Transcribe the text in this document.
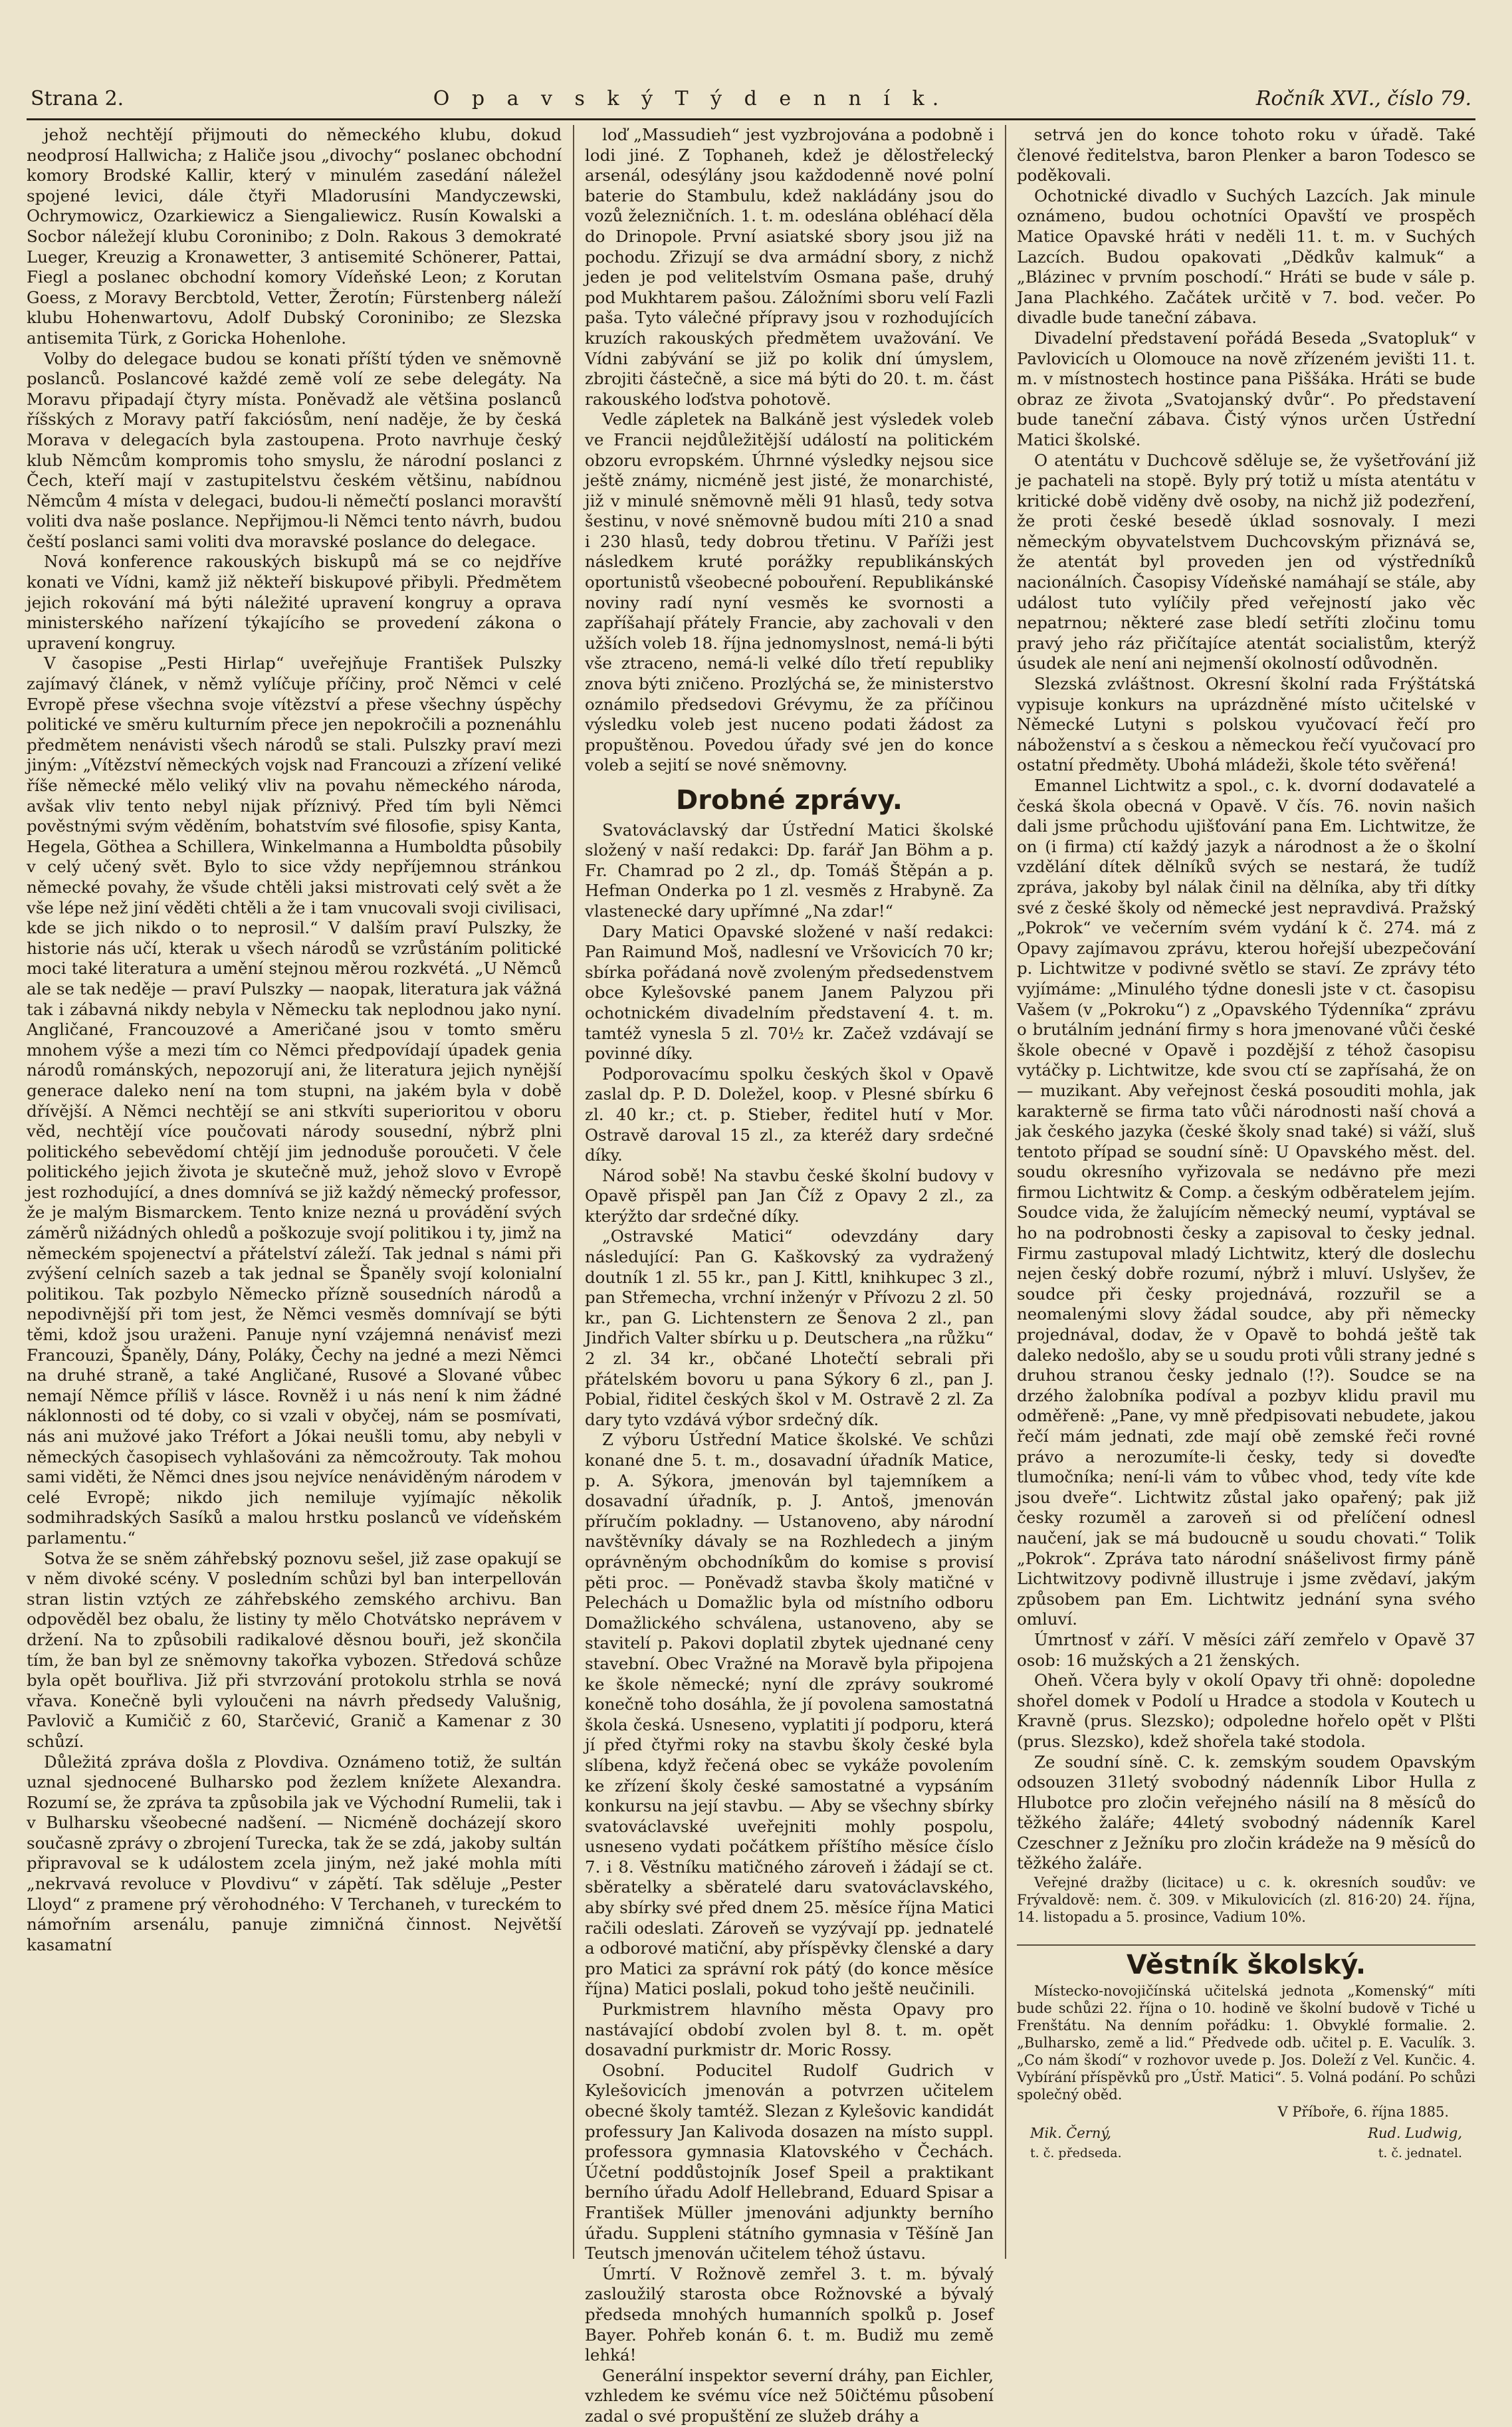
Strana 2.	O p a v s k ý T ý d e n n í k.	Ročník XVI., číslo 79.

jehož nechtějí přijmouti do německého klubu, dokud neodprosí Hallwicha; z Haliče jsou „divochy“ poslanec obchodní komory Brodské Kallir, který v minulém zasedání náležel spojené levici, dále čtyři Mladorusíni Mandyczewski, Ochrymowicz, Ozarkiewicz a Siengaliewicz. Rusín Kowalski a Socbor náležejí klubu Coroninibo; z Doln. Rakous 3 demokraté Lueger, Kreuzig a Kronawetter, 3 antisemité Schönerer, Pattai, Fiegl a poslanec obchodní komory Vídeňské Leon; z Korutan Goess, z Moravy Bercbtold, Vetter, Žerotín; Fürstenberg náleží klubu Hohenwartovu, Adolf Dubský Coroninibo; ze Slezska antisemita Türk, z Goricka Hohenlohe.

Volby do delegace budou se konati příští týden ve sněmovně poslanců. Poslancové každé země volí ze sebe delegáty. Na Moravu připadají čtyry místa. Poněvadž ale většina poslanců říšských z Moravy patří fakciósům, není naděje, že by česká Morava v delegacích byla zastoupena. Proto navrhuje český klub Němcům kompromis toho smyslu, že národní poslanci z Čech, kteří mají v zastupitelstvu českém většinu, nabídnou Němcům 4 místa v delegaci, budou-li němečtí poslanci moravští voliti dva naše poslance. Nepřijmou-li Němci tento návrh, budou čeští poslanci sami voliti dva moravské poslance do delegace.

Nová konference rakouských biskupů má se co nejdříve konati ve Vídni, kamž již někteří biskupové přibyli. Předmětem jejich rokování má býti náležité upravení kongruy a oprava ministerského nařízení týkajícího se provedení zákona o upravení kongruy.

V časopise „Pesti Hirlap“ uveřejňuje František Pulszky zajímavý článek, v němž vylíčuje příčiny, proč Němci v celé Evropě přese všechna svoje vítězství a přese všechny úspěchy politické ve směru kulturním přece jen nepokročili a poznenáhlu předmětem nenávisti všech národů se stali. Pulszky praví mezi jiným: „Vítězství německých vojsk nad Francouzi a zřízení veliké říše německé mělo veliký vliv na povahu německého národa, avšak vliv tento nebyl nijak příznivý. Před tím byli Němci pověstnými svým věděním, bohatstvím své filosofie, spisy Kanta, Hegela, Göthea a Schillera, Winkelmanna a Humboldta působily v celý učený svět. Bylo to sice vždy nepříjemnou stránkou německé povahy, že všude chtěli jaksi mistrovati celý svět a že vše lépe než jiní věděti chtěli a že i tam vnucovali svoji civilisaci, kde se jich nikdo o to neprosil.“ V dalším praví Pulszky, že historie nás učí, kterak u všech národů se vzrůstáním politické moci také literatura a umění stejnou měrou rozkvétá. „U Němců ale se tak neděje — praví Pulszky — naopak, literatura jak vážná tak i zábavná nikdy nebyla v Německu tak neplodnou jako nyní. Angličané, Francouzové a Američané jsou v tomto směru mnohem výše a mezi tím co Němci předpovídají úpadek genia národů románských, nepozorují ani, že literatura jejich nynější generace daleko není na tom stupni, na jakém byla v době dřívější. A Němci nechtějí se ani stkvíti superioritou v oboru věd, nechtějí více poučovati národy sousední, nýbrž plni politického sebevědomí chtějí jim jednoduše poroučeti. V čele politického jejich života je skutečně muž, jehož slovo v Evropě jest rozhodující, a dnes domnívá se již každý německý professor, že je malým Bismarckem. Tento knize nezná u provádění svých záměrů nižádných ohledů a poškozuje svojí politikou i ty, jimž na německém spojenectví a přátelství záleží. Tak jednal s námi při zvýšení celních sazeb a tak jednal se Španěly svojí kolonialní politikou. Tak pozbylo Německo přízně sousedních národů a nepodivnější při tom jest, že Němci vesměs domnívají se býti těmi, kdož jsou uraženi. Panuje nyní vzájemná nenávisť mezi Francouzi, Španěly, Dány, Poláky, Čechy na jedné a mezi Němci na druhé straně, a také Angličané, Rusové a Slované vůbec nemají Němce příliš v lásce. Rovněž i u nás není k nim žádné náklonnosti od té doby, co si vzali v obyčej, nám se posmívati, nás ani mužové jako Tréfort a Jókai neušli tomu, aby nebyli v německých časopisech vyhlašováni za němcožrouty. Tak mohou sami viděti, že Němci dnes jsou nejvíce nenáviděným národem v celé Evropě; nikdo jich nemiluje vyjímajíc několik sodmihradských Sasíků a malou hrstku poslanců ve vídeňském parlamentu.“

Sotva že se sněm záhřebský poznovu sešel, již zase opakují se v něm divoké scény. V posledním schůzi byl ban interpellován stran listin vztých ze záhřebského zemského archivu. Ban odpověděl bez obalu, že listiny ty mělo Chotvátsko neprávem v držení. Na to způsobili radikalové děsnou bouři, jež skončila tím, že ban byl ze sněmovny takořka vybozen. Středová schůze byla opět bouřliva. Již při stvrzování protokolu strhla se nová vřava. Konečně byli vyloučeni na návrh předsedy Valušnig, Pavlovič a Kumičič z 60, Starčević, Granič a Kamenar z 30 schůzí.

Důležitá zpráva došla z Plovdiva. Oznámeno totiž, že sultán uznal sjednocené Bulharsko pod žezlem knížete Alexandra. Rozumí se, že zpráva ta způsobila jak ve Východní Rumelii, tak i v Bulharsku všeobecné nadšení. — Nicméně docházejí skoro současně zprávy o zbrojení Turecka, tak že se zdá, jakoby sultán připravoval se k událostem zcela jiným, než jaké mohla míti „nekrvavá revoluce v Plovdivu“ v zápětí. Tak sděluje „Pester Lloyd“ z pramene prý věrohodného: V Terchaneh, v tureckém to námořním arsenálu, panuje zimničná činnost. Největší kasamatní

loď „Massudieh“ jest vyzbrojována a podobně i lodi jiné. Z Tophaneh, kdež je dělostřelecký arsenál, odesýlány jsou každodenně nové polní baterie do Stambulu, kdež nakládány jsou do vozů železničních. 1. t. m. odeslána obléhací děla do Drinopole. První asiatské sbory jsou již na pochodu. Zřizují se dva armádní sbory, z nichž jeden je pod velitelstvím Osmana paše, druhý pod Mukhtarem pašou. Záložními sboru velí Fazli paša. Tyto válečné přípravy jsou v rozhodujících kruzích rakouských předmětem uvažování. Ve Vídni zabývání se již po kolik dní úmyslem, zbrojiti částečně, a sice má býti do 20. t. m. část rakouského loďstva pohotově.

Vedle zápletek na Balkáně jest výsledek voleb ve Francii nejdůležitější událostí na politickém obzoru evropském. Úhrnné výsledky nejsou sice ještě známy, nicméně jest jisté, že monarchisté, již v minulé sněmovně měli 91 hlasů, tedy sotva šestinu, v nové sněmovně budou míti 210 a snad i 230 hlasů, tedy dobrou třetinu. V Paříži jest následkem kruté porážky republikánských oportunistů všeobecné pobouření. Republikánské noviny radí nyní vesměs ke svornosti a zapříšahají přátely Francie, aby zachovali v den užších voleb 18. října jednomyslnost, nemá-li býti vše ztraceno, nemá-li velké dílo třetí republiky znova býti zničeno. Prozlýchá se, že ministerstvo oznámilo předsedovi Grévymu, že za příčinou výsledku voleb jest nuceno podati žádost za propuštěnou. Povedou úřady své jen do konce voleb a sejití se nové sněmovny.

Drobné zprávy.

Svatováclavský dar Ústřední Matici školské složený v naší redakci: Dp. farář Jan Böhm a p. Fr. Chamrad po 2 zl., dp. Tomáš Štěpán a p. Hefman Onderka po 1 zl. vesměs z Hrabyně. Za vlastenecké dary upřímné „Na zdar!“

Dary Matici Opavské složené v naší redakci: Pan Raimund Moš, nadlesní ve Vršovicích 70 kr; sbírka pořádaná nově zvoleným předsedenstvem obce Kylešovské panem Janem Palyzou při ochotnickém divadelním představení 4. t. m. tamtéž vynesla 5 zl. 70½ kr. Začež vzdávají se povinné díky.

Podporovacímu spolku českých škol v Opavě zaslal dp. P. D. Doležel, koop. v Plesné sbírku 6 zl. 40 kr.; ct. p. Stieber, ředitel hutí v Mor. Ostravě daroval 15 zl., za kteréž dary srdečné díky.

Národ sobě! Na stavbu české školní budovy v Opavě přispěl pan Jan Číž z Opavy 2 zl., za kterýžto dar srdečné díky.

„Ostravské Matici“ odevzdány dary následující: Pan G. Kaškovský za vydražený doutník 1 zl. 55 kr., pan J. Kittl, knihkupec 3 zl., pan Střemecha, vrchní inženýr v Přívozu 2 zl. 50 kr., pan G. Lichtenstern ze Šenova 2 zl., pan Jindřich Valter sbírku u p. Deutschera „na růžku“ 2 zl. 34 kr., občané Lhotečtí sebrali při přátelském bovoru u pana Sýkory 6 zl., pan J. Pobial, řiditel českých škol v M. Ostravě 2 zl. Za dary tyto vzdává výbor srdečný dík.

Z výboru Ústřední Matice školské. Ve schůzi konané dne 5. t. m., dosavadní úřadník Matice, p. A. Sýkora, jmenován byl tajemníkem a dosavadní úřadník, p. J. Antoš, jmenován příručím pokladny. — Ustanoveno, aby národní navštěvníky dávaly se na Rozhledech a jiným oprávněným obchodníkům do komise s provisí pěti proc. — Poněvadž stavba školy matičné v Pelechách u Domažlic byla od místního odboru Domažlického schválena, ustanoveno, aby se stavitelí p. Pakovi doplatil zbytek ujednané ceny stavební. Obec Vražné na Moravě byla připojena ke škole německé; nyní dle zprávy soukromé konečně toho dosáhla, že jí povolena samostatná škola česká. Usneseno, vyplatiti jí podporu, která jí před čtyřmi roky na stavbu školy české byla slíbena, když řečená obec se vykáže povolením ke zřízení školy české samostatné a vypsáním konkursu na její stavbu. — Aby se všechny sbírky svatováclavské uveřejniti mohly pospolu, usneseno vydati počátkem příštího měsíce číslo 7. i 8. Věstníku matičného zároveň i žádají se ct. sběratelky a sběratelé daru svatováclavského, aby sbírky své před dnem 25. měsíce října Matici račili odeslati. Zároveň se vyzývají pp. jednatelé a odborové matiční, aby příspěvky členské a dary pro Matici za správní rok pátý (do konce měsíce října) Matici poslali, pokud toho ještě neučinili.

Purkmistrem hlavního města Opavy pro nastávající období zvolen byl 8. t. m. opět dosavadní purkmistr dr. Moric Rossy.

Osobní. Poducitel Rudolf Gudrich v Kylešovicích jmenován a potvrzen učitelem obecné školy tamtéž. Slezan z Kylešovic kandidát professury Jan Kalivoda dosazen na místo suppl. professora gymnasia Klatovského v Čechách. Účetní poddůstojník Josef Speil a praktikant berního úřadu Adolf Hellebrand, Eduard Spisar a František Müller jmenováni adjunkty berního úřadu. Suppleni státního gymnasia v Těšíně Jan Teutsch jmenován učitelem téhož ústavu.

Úmrtí. V Rožnově zemřel 3. t. m. bývalý zasloužilý starosta obce Rožnovské a bývalý předseda mnohých humanních spolků p. Josef Bayer. Pohřeb konán 6. t. m. Budiž mu země lehká!

Generální inspektor severní dráhy, pan Eichler, vzhledem ke svému více než 50ičtému působení zadal o své propuštění ze služeb dráhy a

setrvá jen do konce tohoto roku v úřadě. Také členové ředitelstva, baron Plenker a baron Todesco se poděkovali.

Ochotnické divadlo v Suchých Lazcích. Jak minule oznámeno, budou ochotníci Opavští ve prospěch Matice Opavské hráti v neděli 11. t. m. v Suchých Lazcích. Budou opakovati „Dědkův kalmuk“ a „Blázinec v prvním poschodí.“ Hráti se bude v sále p. Jana Plachkého. Začátek určitě v 7. bod. večer. Po divadle bude taneční zábava.

Divadelní představení pořádá Beseda „Svatopluk“ v Pavlovicích u Olomouce na nově zřízeném jevišti 11. t. m. v místnostech hostince pana Piššáka. Hráti se bude obraz ze života „Svatojanský dvůr“. Po představení bude taneční zábava. Čistý výnos určen Ústřední Matici školské.

O atentátu v Duchcově sděluje se, že vyšetřování již je pachateli na stopě. Byly prý totiž u místa atentátu v kritické době viděny dvě osoby, na nichž již podezření, že proti české besedě úklad sosnovaly. I mezi německým obyvatelstvem Duchcovským přiznává se, že atentát byl proveden jen od výstředníků nacionálních. Časopisy Vídeňské namáhají se stále, aby událost tuto vylíčily před veřejností jako věc nepatrnou; některé zase bledí setříti zločinu tomu pravý jeho ráz přičítajíce atentát socialistům, kterýž úsudek ale není ani nejmenší okolností odůvodněn.

Slezská zvláštnost. Okresní školní rada Frýštátská vypisuje konkurs na uprázdněné místo učitelské v Německé Lutyni s polskou vyučovací řečí pro náboženství a s českou a německou řečí vyučovací pro ostatní předměty. Ubohá mládeži, škole této svěřená!

Emannel Lichtwitz a spol., c. k. dvorní dodavatelé a česká škola obecná v Opavě. V čís. 76. novin našich dali jsme průchodu ujišťování pana Em. Lichtwitze, že on (i firma) ctí každý jazyk a národnost a že o školní vzdělání dítek dělníků svých se nestará, že tudíž zpráva, jakoby byl nálak činil na dělníka, aby tři dítky své z české školy od německé jest nepravdivá. Pražský „Pokrok“ ve večerním svém vydání k č. 274. má z Opavy zajímavou zprávu, kterou hořejší ubezpečování p. Lichtwitze v podivné světlo se staví. Ze zprávy této vyjímáme: „Minulého týdne donesli jste v ct. časopisu Vašem (v „Pokroku“) z „Opavského Týdenníka“ zprávu o brutálním jednání firmy s hora jmenované vůči české škole obecné v Opavě i pozdější z téhož časopisu vytáčky p. Lichtwitze, kde svou ctí se zapřísahá, že on — muzikant. Aby veřejnost česká posouditi mohla, jak karakterně se firma tato vůči národnosti naší chová a jak českého jazyka (české školy snad také) si váží, sluš tentoto případ se soudní síně: U Opavského měst. del. soudu okresního vyřizovala se nedávno pře mezi firmou Lichtwitz & Comp. a českým odběratelem jejím. Soudce vida, že žalujícím německý neumí, vyptával se ho na podrobnosti česky a zapisoval to česky jednal. Firmu zastupoval mladý Lichtwitz, který dle doslechu nejen český dobře rozumí, nýbrž i mluví. Uslyšev, že soudce při česky projednává, rozzuřil se a neomalenými slovy žádal soudce, aby při německy projednával, dodav, že v Opavě to bohdá ještě tak daleko nedošlo, aby se u soudu proti vůli strany jedné s druhou stranou česky jednalo (!?). Soudce se na drzého žalobníka podíval a pozbyv klidu pravil mu odměřeně: „Pane, vy mně předpisovati nebudete, jakou řečí mám jednati, zde mají obě zemské řeči rovné právo a nerozumíte-li česky, tedy si doveďte tlumočníka; není-li vám to vůbec vhod, tedy víte kde jsou dveře“. Lichtwitz zůstal jako opařený; pak již česky rozuměl a zaroveň si od přelíčení odnesl naučení, jak se má budoucně u soudu chovati.“ Tolik „Pokrok“. Zpráva tato národní snášelivost firmy páně Lichtwitzovy podivně illustruje i jsme zvědaví, jakým způsobem pan Em. Lichtwitz jednání syna svého omluví.

Úmrtnosť v září. V měsíci září zemřelo v Opavě 37 osob: 16 mužských a 21 ženských.

Oheň. Včera byly v okolí Opavy tři ohně: dopoledne shořel domek v Podolí u Hradce a stodola v Koutech u Kravně (prus. Slezsko); odpoledne hořelo opět v Plšti (prus. Slezsko), kdež shořela také stodola.

Ze soudní síně. C. k. zemským soudem Opavským odsouzen 31letý svobodný nádenník Libor Hulla z Hlubotce pro zločin veřejného násilí na 8 měsíců do těžkého žaláře; 44letý svobodný nádenník Karel Czeschner z Ježníku pro zločin krádeže na 9 měsíců do těžkého žaláře.

Veřejné dražby (licitace) u c. k. okresních soudův: ve Frývaldově: nem. č. 309. v Mikulovicích (zl. 816·20) 24. října, 14. listopadu a 5. prosince, Vadium 10%.

Věstník školský.

Místecko-novojičínská učitelská jednota „Komenský“ míti bude schůzi 22. října o 10. hodině ve školní budově v Tiché u Frenštátu. Na denním pořádku: 1. Obvyklé formalie. 2. „Bulharsko, země a lid.“ Předvede odb. učitel p. E. Vaculík. 3. „Co nám škodí“ v rozhovor uvede p. Jos. Doleží z Vel. Kunčic. 4. Vybírání příspěvků pro „Ústř. Matici“. 5. Volná podání. Po schůzi společný oběd.

V Příboře, 6. října 1885.

Mik. Černý,	Rud. Ludwig,
t. č. předseda.	t. č. jednatel.
